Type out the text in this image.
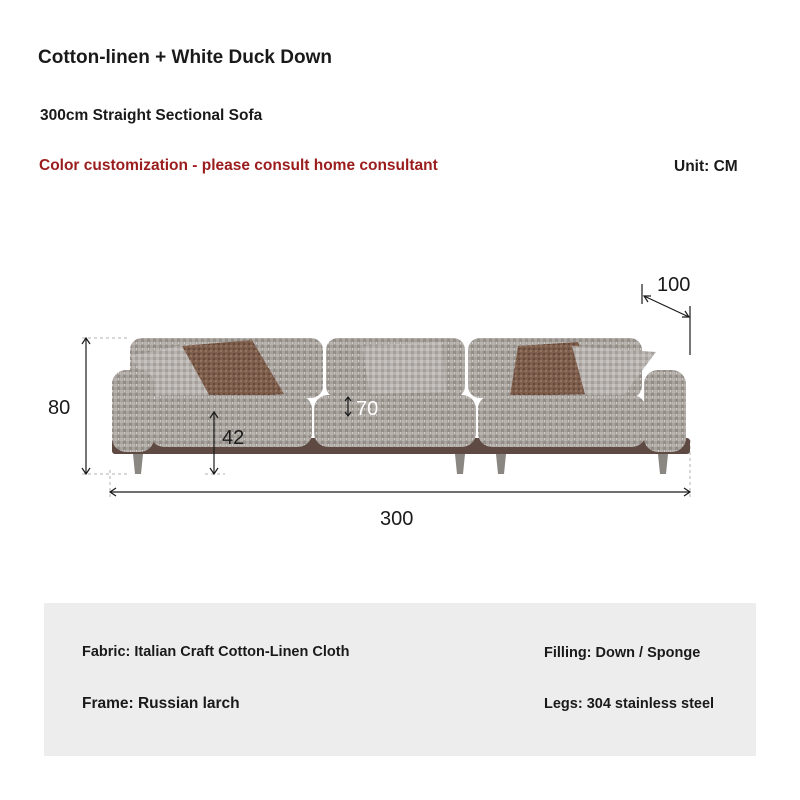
Cotton-linen + White Duck Down
300cm Straight Sectional Sofa
Color customization - please consult home consultant	Unit: CM
80
42
70
300
100
Fabric: Italian Craft Cotton-Linen Cloth	Filling: Down / Sponge
Frame: Russian larch	Legs: 304 stainless steel
